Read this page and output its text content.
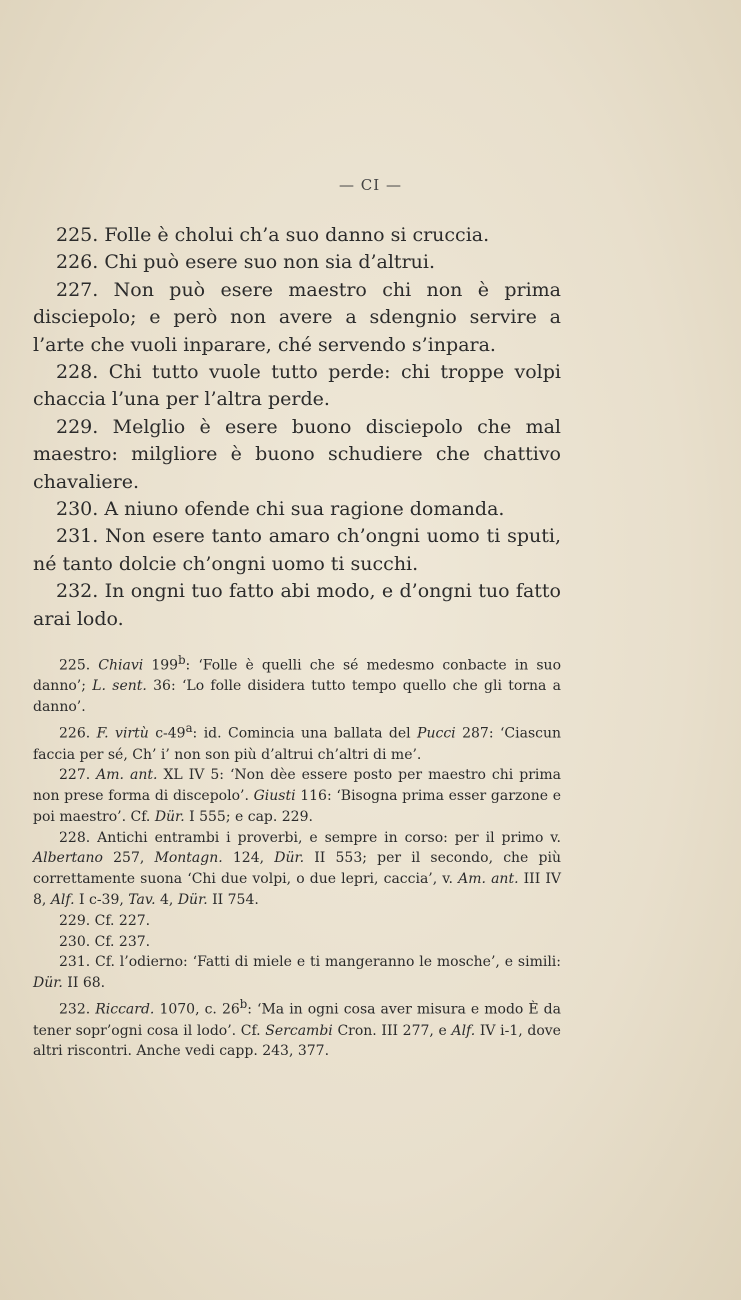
— CI —

225. Folle è cholui ch’a suo danno si cruccia.

226. Chi può esere suo non sia d’altrui.

227. Non può esere maestro chi non è prima disciepolo; e però non avere a sdengnio servire a l’arte che vuoli inparare, ché servendo s’inpara.

228. Chi tutto vuole tutto perde: chi troppe volpi chaccia l’una per l’altra perde.

229. Melglio è esere buono disciepolo che mal maestro: milgliore è buono schudiere che chattivo chavaliere.

230. A niuno ofende chi sua ragione domanda.

231. Non esere tanto amaro ch’ongni uomo ti sputi, né tanto dolcie ch’ongni uomo ti succhi.

232. In ongni tuo fatto abi modo, e d’ongni tuo fatto arai lodo.

225. Chiavi 199$^b$: ‘Folle è quelli che sé medesmo conbacte in suo danno’; L. sent. 36: ‘Lo folle disidera tutto tempo quello che gli torna a danno’.

226. F. virtù c-49$^a$: id. Comincia una ballata del Pucci 287: ‘Ciascun faccia per sé, Ch’ i’ non son più d’altrui ch’altri di me’.

227. Am. ant. XL IV 5: ‘Non dèe essere posto per maestro chi prima non prese forma di discepolo’. Giusti 116: ‘Bisogna prima esser garzone e poi maestro’. Cf. Dür. I 555; e cap. 229.

228. Antichi entrambi i proverbi, e sempre in corso: per il primo v. Albertano 257, Montagn. 124, Dür. II 553; per il secondo, che più correttamente suona ‘Chi due volpi, o due lepri, caccia’, v. Am. ant. III IV 8, Alf. I c-39, Tav. 4, Dür. II 754.

229. Cf. 227.

230. Cf. 237.

231. Cf. l’odierno: ‘Fatti di miele e ti mangeranno le mosche’, e simili: Dür. II 68.

232. Riccard. 1070, c. 26$^b$: ‘Ma in ogni cosa aver misura e modo È da tener sopr’ogni cosa il lodo’. Cf. Sercambi Cron. III 277, e Alf. IV i-1, dove altri riscontri. Anche vedi capp. 243, 377.
